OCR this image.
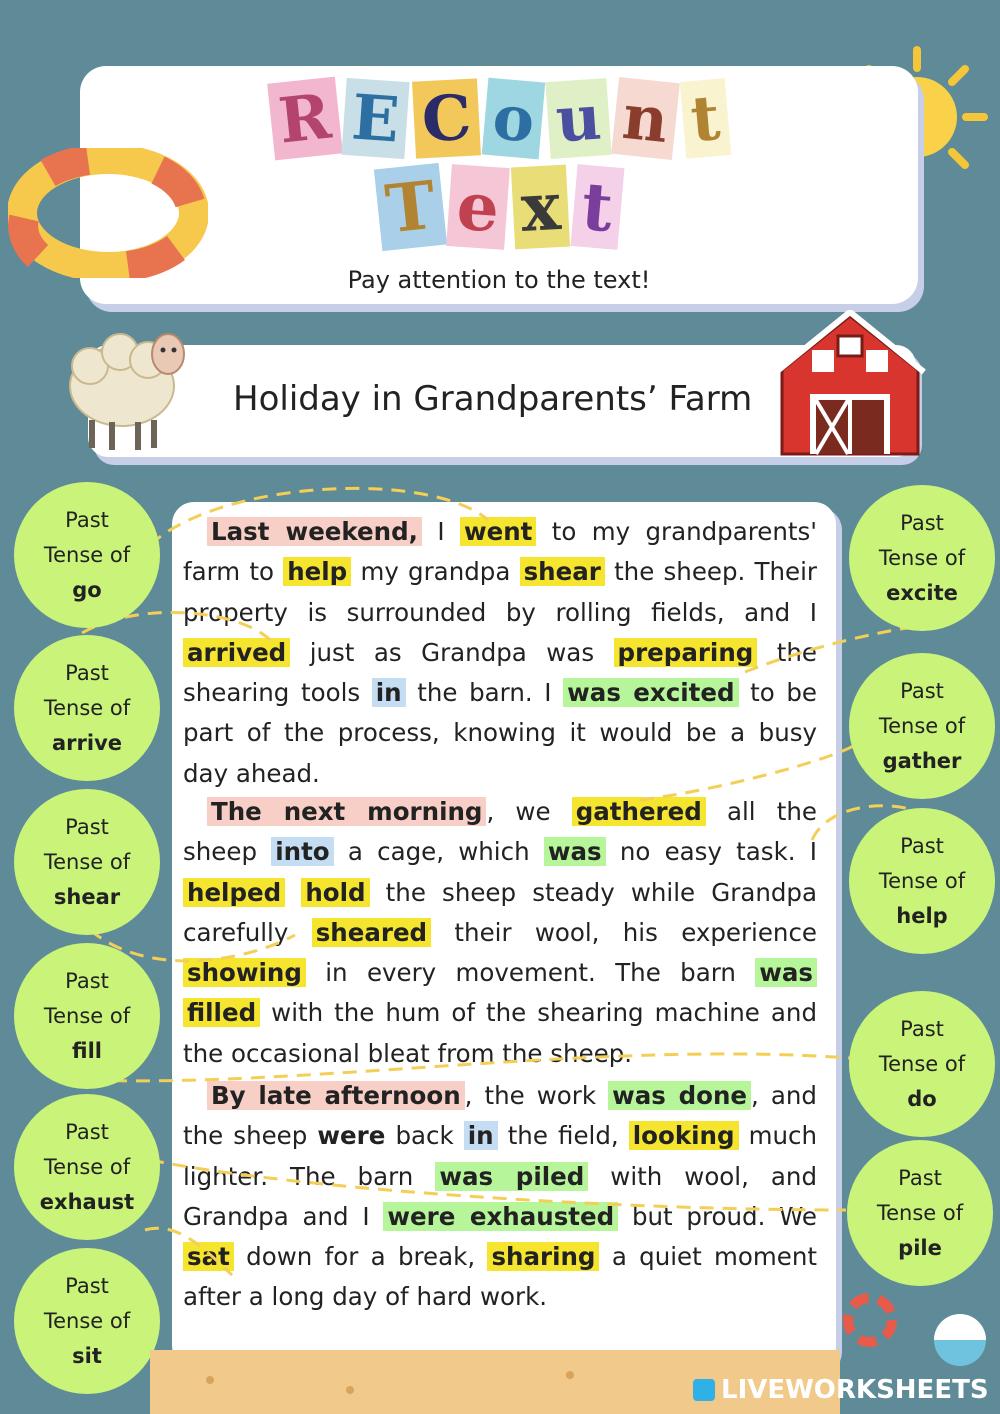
R E C o u n t
T e x t
Pay attention to the text!
Holiday in Grandparents’ Farm
Last weekend, I went to my grandparents' farm to help my grandpa shear the sheep. Their property is surrounded by rolling fields, and I arrived just as Grandpa was preparing the shearing tools in the barn. I was excited to be part of the process, knowing it would be a busy day ahead.
The next morning , we gathered all the sheep into a cage, which was no easy task. I helped hold the sheep steady while Grandpa carefully sheared their wool, his experience showing in every movement. The barn was filled with the hum of the shearing machine and the occasional bleat from the sheep.
By late afternoon , the work was done , and the sheep were back in the field, looking much lighter. The barn was piled with wool, and Grandpa and I were exhausted but proud. We sat down for a break, sharing a quiet moment after a long day of hard work.
Past
Tense of
go
Past
Tense of
arrive
Past
Tense of
shear
Past
Tense of
fill
Past
Tense of
exhaust
Past
Tense of
sit
Past
Tense of
excite
Past
Tense of
gather
Past
Tense of
help
Past
Tense of
do
Past
Tense of
pile
LIVEWORKSHEETS
